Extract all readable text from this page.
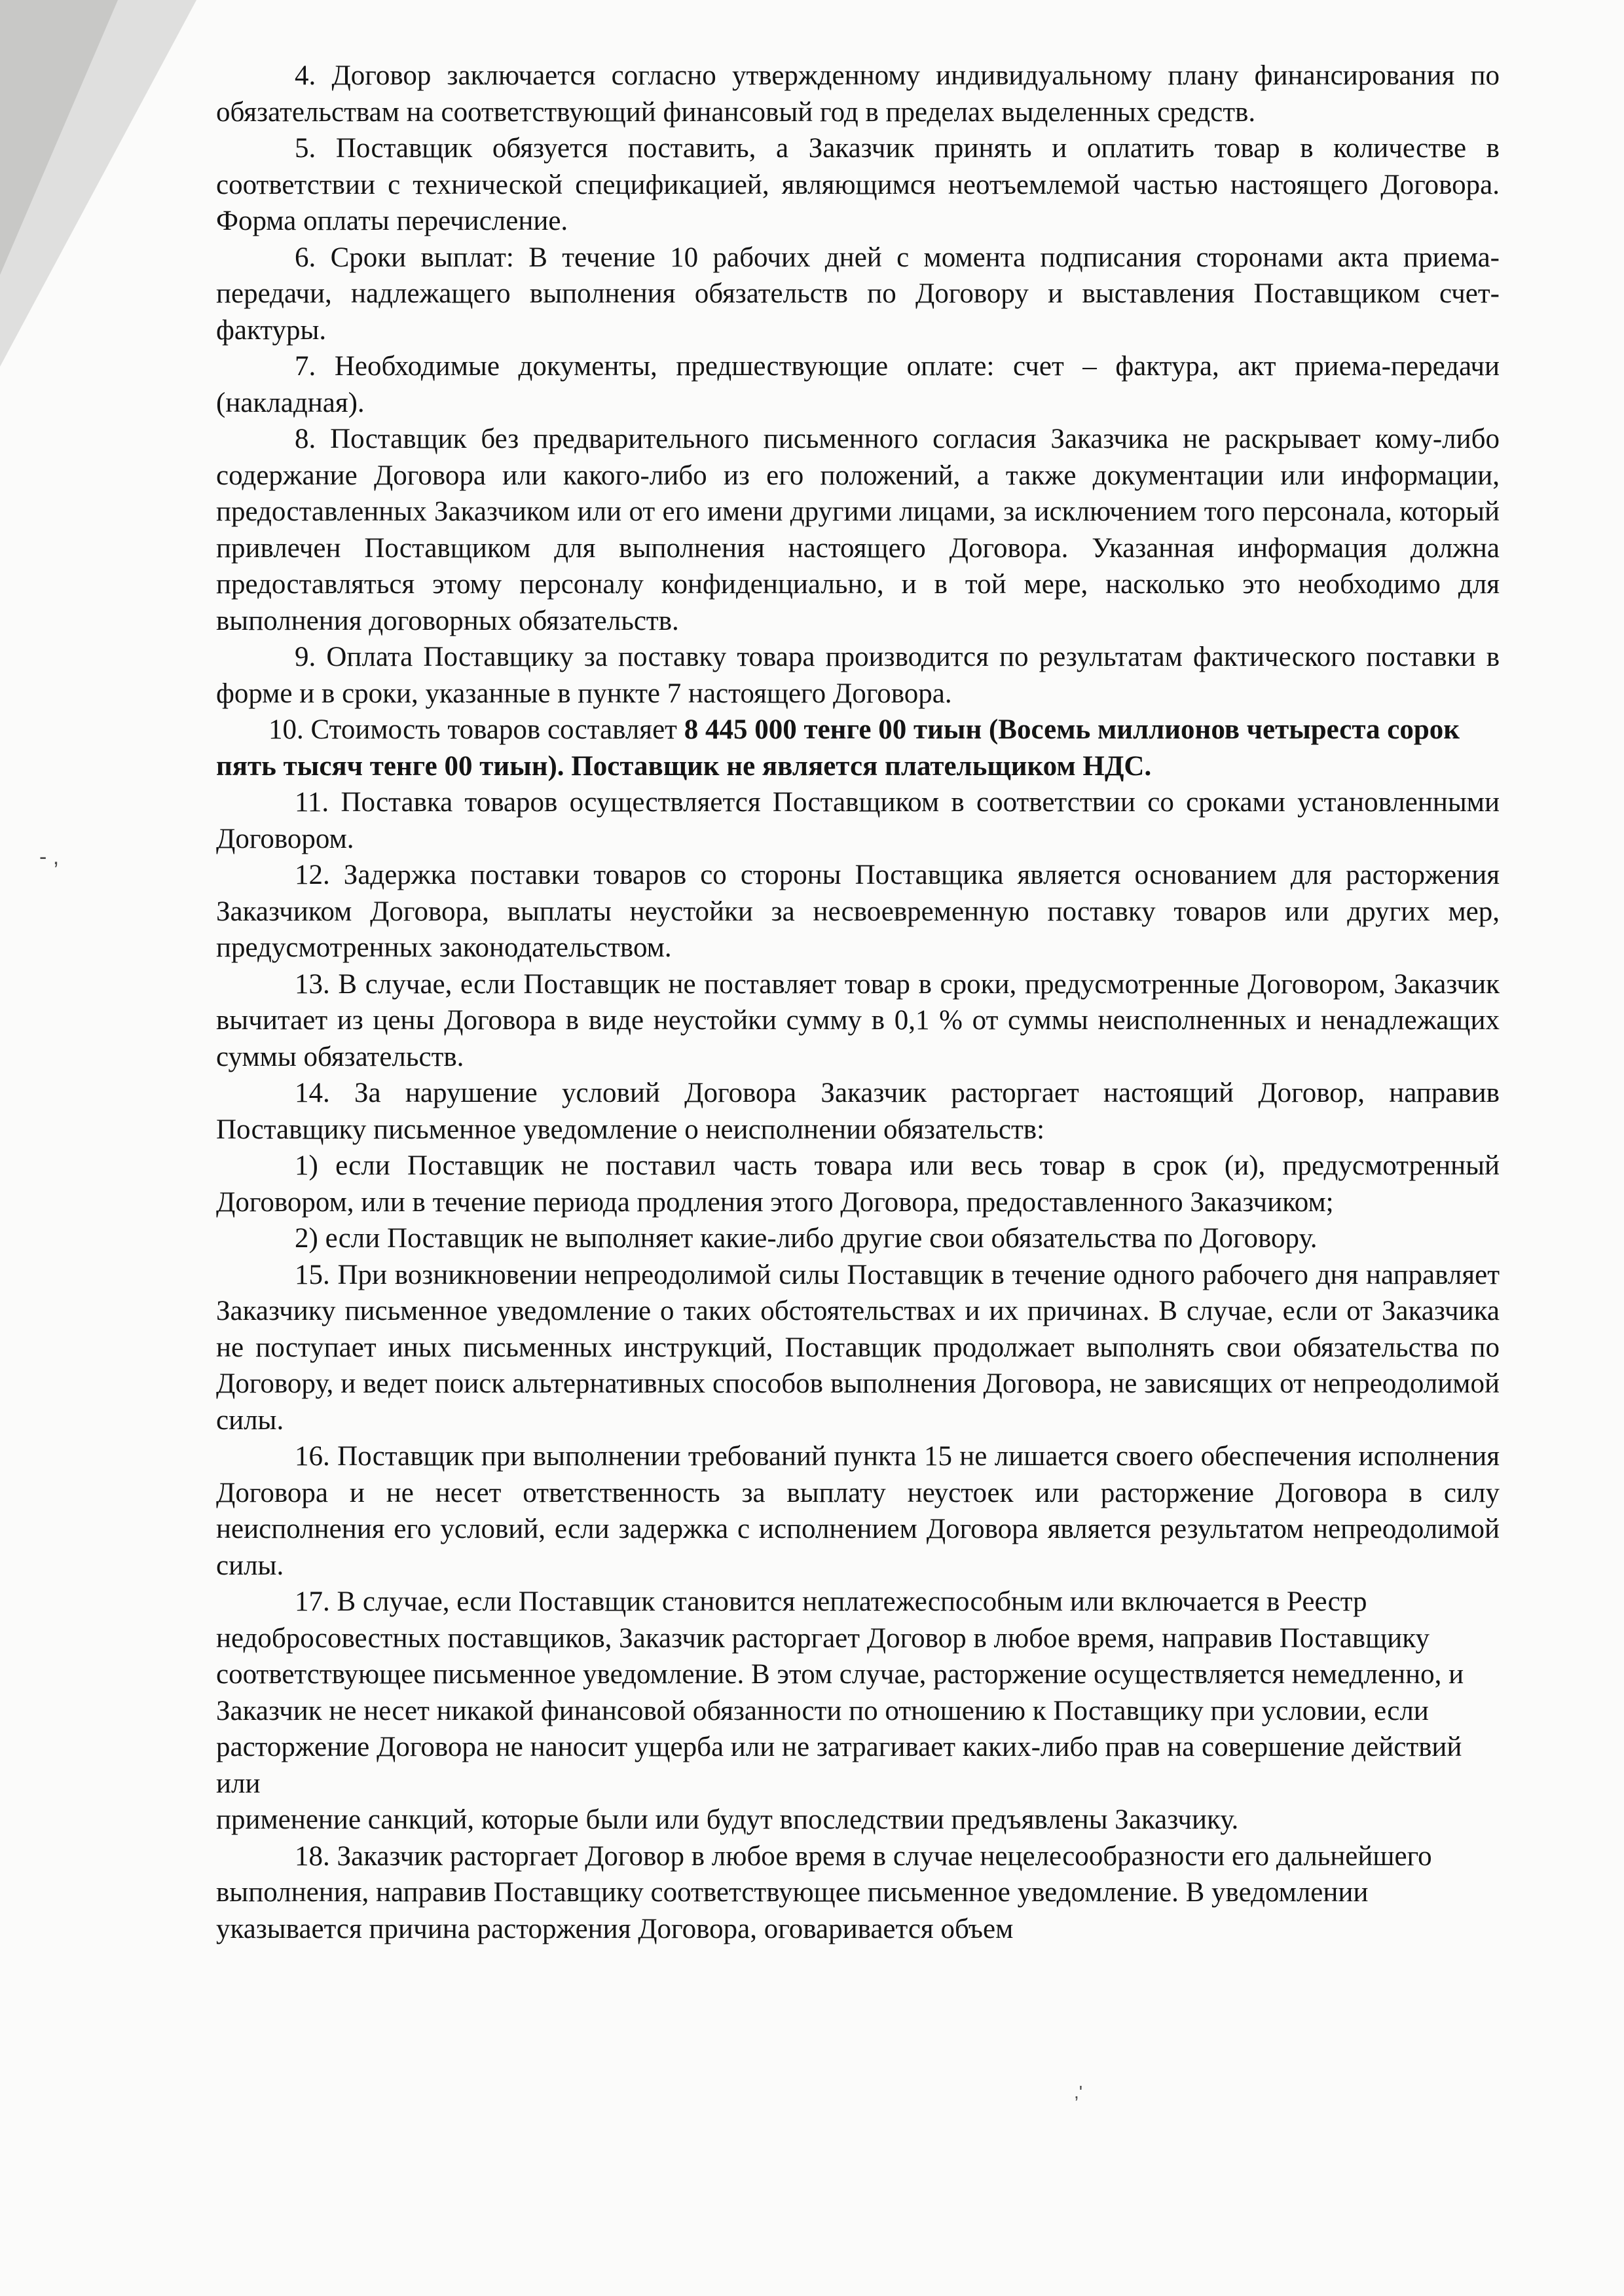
4. Договор заключается согласно утвержденному индивидуальному плану финансирования по обязательствам на соответствующий финансовый год в пределах выделенных средств.

5. Поставщик обязуется поставить, а Заказчик принять и оплатить товар в количестве в соответствии с технической спецификацией, являющимся неотъемлемой частью настоящего Договора. Форма оплаты перечисление.

6. Сроки выплат: В течение 10 рабочих дней с момента подписания сторонами акта приема-передачи, надлежащего выполнения обязательств по Договору и выставления Поставщиком счет-фактуры.

7. Необходимые документы, предшествующие оплате: счет – фактура, акт приема-передачи (накладная).

8. Поставщик без предварительного письменного согласия Заказчика не раскрывает кому-либо содержание Договора или какого-либо из его положений, а также документации или информации, предоставленных Заказчиком или от его имени другими лицами, за исключением того персонала, который привлечен Поставщиком для выполнения настоящего Договора. Указанная информация должна предоставляться этому персоналу конфиденциально, и в той мере, насколько это необходимо для выполнения договорных обязательств.

9. Оплата Поставщику за поставку товара производится по результатам фактического поставки в форме и в сроки, указанные в пункте 7 настоящего Договора.

10. Стоимость товаров составляет 8 445 000 тенге 00 тиын (Восемь миллионов четыреста сорок пять тысяч тенге 00 тиын). Поставщик не является плательщиком НДС.

11. Поставка товаров осуществляется Поставщиком в соответствии со сроками установленными Договором.

12. Задержка поставки товаров со стороны Поставщика является основанием для расторжения Заказчиком Договора, выплаты неустойки за несвоевременную поставку товаров или других мер, предусмотренных законодательством.

13. В случае, если Поставщик не поставляет товар в сроки, предусмотренные Договором, Заказчик вычитает из цены Договора в виде неустойки сумму в 0,1 % от суммы неисполненных и ненадлежащих суммы обязательств.

14. За нарушение условий Договора Заказчик расторгает настоящий Договор, направив Поставщику письменное уведомление о неисполнении обязательств:

1) если Поставщик не поставил часть товара или весь товар в срок (и), предусмотренный Договором, или в течение периода продления этого Договора, предоставленного Заказчиком;

2) если Поставщик не выполняет какие-либо другие свои обязательства по Договору.

15. При возникновении непреодолимой силы Поставщик в течение одного рабочего дня направляет Заказчику письменное уведомление о таких обстоятельствах и их причинах. В случае, если от Заказчика не поступает иных письменных инструкций, Поставщик продолжает выполнять свои обязательства по Договору, и ведет поиск альтернативных способов выполнения Договора, не зависящих от непреодолимой силы.

16. Поставщик при выполнении требований пункта 15 не лишается своего обеспечения исполнения Договора и не несет ответственность за выплату неустоек или расторжение Договора в силу неисполнения его условий, если задержка с исполнением Договора является результатом непреодолимой силы.

17. В случае, если Поставщик становится неплатежеспособным или включается в Реестр недобросовестных поставщиков, Заказчик расторгает Договор в любое время, направив Поставщику соответствующее письменное уведомление. В этом случае, расторжение осуществляется немедленно, и Заказчик не несет никакой финансовой обязанности по отношению к Поставщику при условии, если расторжение Договора не наносит ущерба или не затрагивает каких-либо прав на совершение действий или

применение санкций, которые были или будут впоследствии предъявлены Заказчику.

18. Заказчик расторгает Договор в любое время в случае нецелесообразности его дальнейшего выполнения, направив Поставщику соответствующее письменное уведомление. В уведомлении указывается причина расторжения Договора, оговаривается объем

- ,
,'
